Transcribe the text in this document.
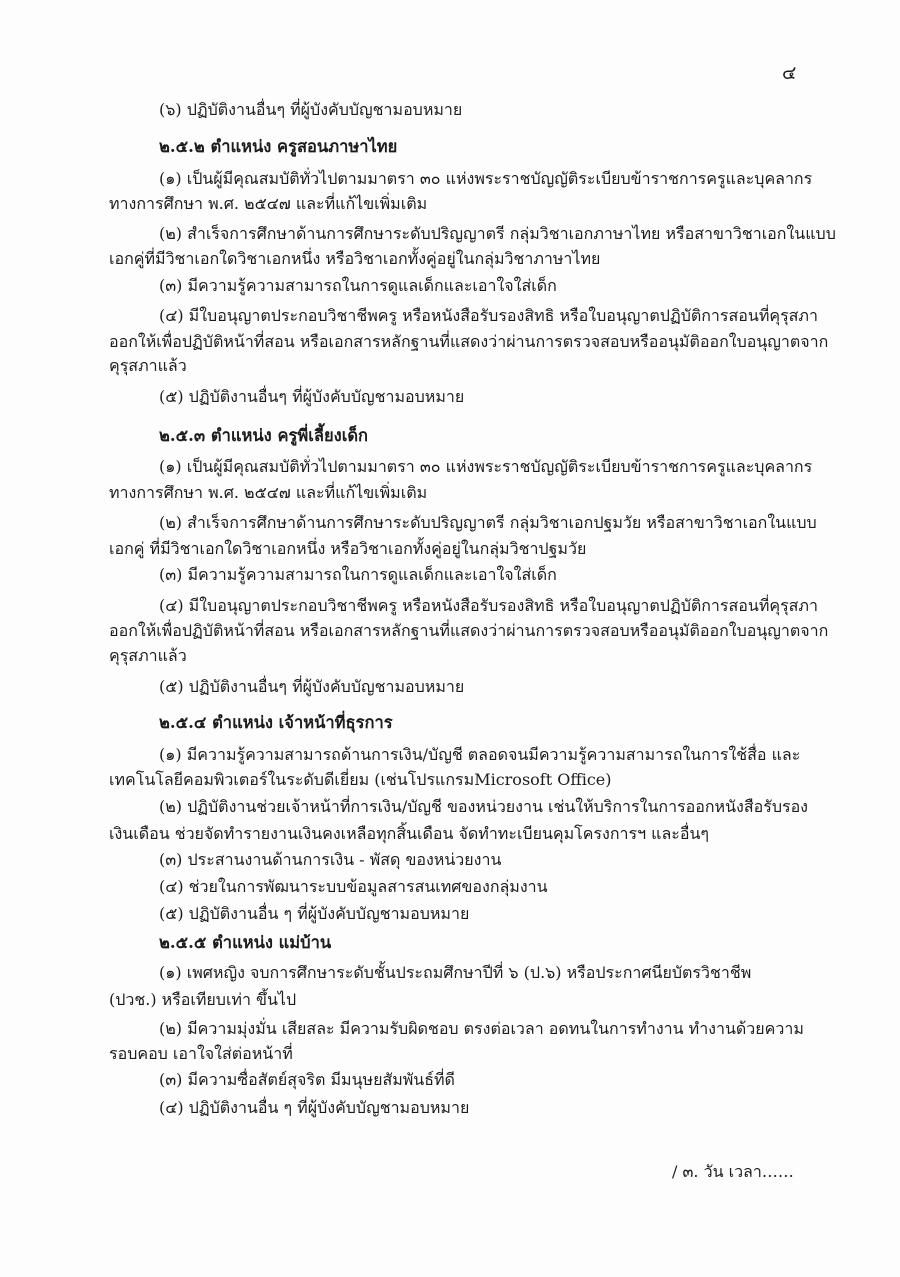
๔
(๖) ปฏิบัติงานอื่นๆ ที่ผู้บังคับบัญชามอบหมาย
๒.๕.๒ ตำแหน่ง ครูสอนภาษาไทย
(๑) เป็นผู้มีคุณสมบัติทั่วไปตามมาตรา ๓๐ แห่งพระราชบัญญัติระเบียบข้าราชการครูและบุคลากร
ทางการศึกษา พ.ศ. ๒๕๔๗ และที่แก้ไขเพิ่มเติม
(๒) สำเร็จการศึกษาด้านการศึกษาระดับปริญญาตรี กลุ่มวิชาเอกภาษาไทย หรือสาขาวิชาเอกในแบบ
เอกคู่ที่มีวิชาเอกใดวิชาเอกหนึ่ง หรือวิชาเอกทั้งคู่อยู่ในกลุ่มวิชาภาษาไทย
(๓) มีความรู้ความสามารถในการดูแลเด็กและเอาใจใส่เด็ก
(๔) มีใบอนุญาตประกอบวิชาชีพครู หรือหนังสือรับรองสิทธิ หรือใบอนุญาตปฏิบัติการสอนที่คุรุสภา
ออกให้เพื่อปฏิบัติหน้าที่สอน หรือเอกสารหลักฐานที่แสดงว่าผ่านการตรวจสอบหรืออนุมัติออกใบอนุญาตจาก
คุรุสภาแล้ว
(๕) ปฏิบัติงานอื่นๆ ที่ผู้บังคับบัญชามอบหมาย
๒.๕.๓ ตำแหน่ง ครูพี่เลี้ยงเด็ก
(๑) เป็นผู้มีคุณสมบัติทั่วไปตามมาตรา ๓๐ แห่งพระราชบัญญัติระเบียบข้าราชการครูและบุคลากร
ทางการศึกษา พ.ศ. ๒๕๔๗ และที่แก้ไขเพิ่มเติม
(๒) สำเร็จการศึกษาด้านการศึกษาระดับปริญญาตรี กลุ่มวิชาเอกปฐมวัย หรือสาขาวิชาเอกในแบบ
เอกคู่ ที่มีวิชาเอกใดวิชาเอกหนึ่ง หรือวิชาเอกทั้งคู่อยู่ในกลุ่มวิชาปฐมวัย
(๓) มีความรู้ความสามารถในการดูแลเด็กและเอาใจใส่เด็ก
(๔) มีใบอนุญาตประกอบวิชาชีพครู หรือหนังสือรับรองสิทธิ หรือใบอนุญาตปฏิบัติการสอนที่คุรุสภา
ออกให้เพื่อปฏิบัติหน้าที่สอน หรือเอกสารหลักฐานที่แสดงว่าผ่านการตรวจสอบหรืออนุมัติออกใบอนุญาตจาก
คุรุสภาแล้ว
(๕) ปฏิบัติงานอื่นๆ ที่ผู้บังคับบัญชามอบหมาย
๒.๕.๔ ตำแหน่ง เจ้าหน้าที่ธุรการ
(๑) มีความรู้ความสามารถด้านการเงิน/บัญชี ตลอดจนมีความรู้ความสามารถในการใช้สื่อ และ
เทคโนโลยีคอมพิวเตอร์ในระดับดีเยี่ยม (เช่นโปรแกรมMicrosoft Office)
(๒) ปฏิบัติงานช่วยเจ้าหน้าที่การเงิน/บัญชี ของหน่วยงาน เช่นให้บริการในการออกหนังสือรับรอง
เงินเดือน ช่วยจัดทำรายงานเงินคงเหลือทุกสิ้นเดือน จัดทำทะเบียนคุมโครงการฯ และอื่นๆ
(๓) ประสานงานด้านการเงิน - พัสดุ ของหน่วยงาน
(๔) ช่วยในการพัฒนาระบบข้อมูลสารสนเทศของกลุ่มงาน
(๕) ปฏิบัติงานอื่น ๆ ที่ผู้บังคับบัญชามอบหมาย
๒.๕.๕ ตำแหน่ง แม่บ้าน
(๑) เพศหญิง จบการศึกษาระดับชั้นประถมศึกษาปีที่ ๖ (ป.๖) หรือประกาศนียบัตรวิชาชีพ
(ปวช.) หรือเทียบเท่า ขึ้นไป
(๒) มีความมุ่งมั่น เสียสละ มีความรับผิดชอบ ตรงต่อเวลา อดทนในการทำงาน ทำงานด้วยความ
รอบคอบ เอาใจใส่ต่อหน้าที่
(๓) มีความซื่อสัตย์สุจริต มีมนุษยสัมพันธ์ที่ดี
(๔) ปฏิบัติงานอื่น ๆ ที่ผู้บังคับบัญชามอบหมาย
/ ๓. วัน เวลา……
